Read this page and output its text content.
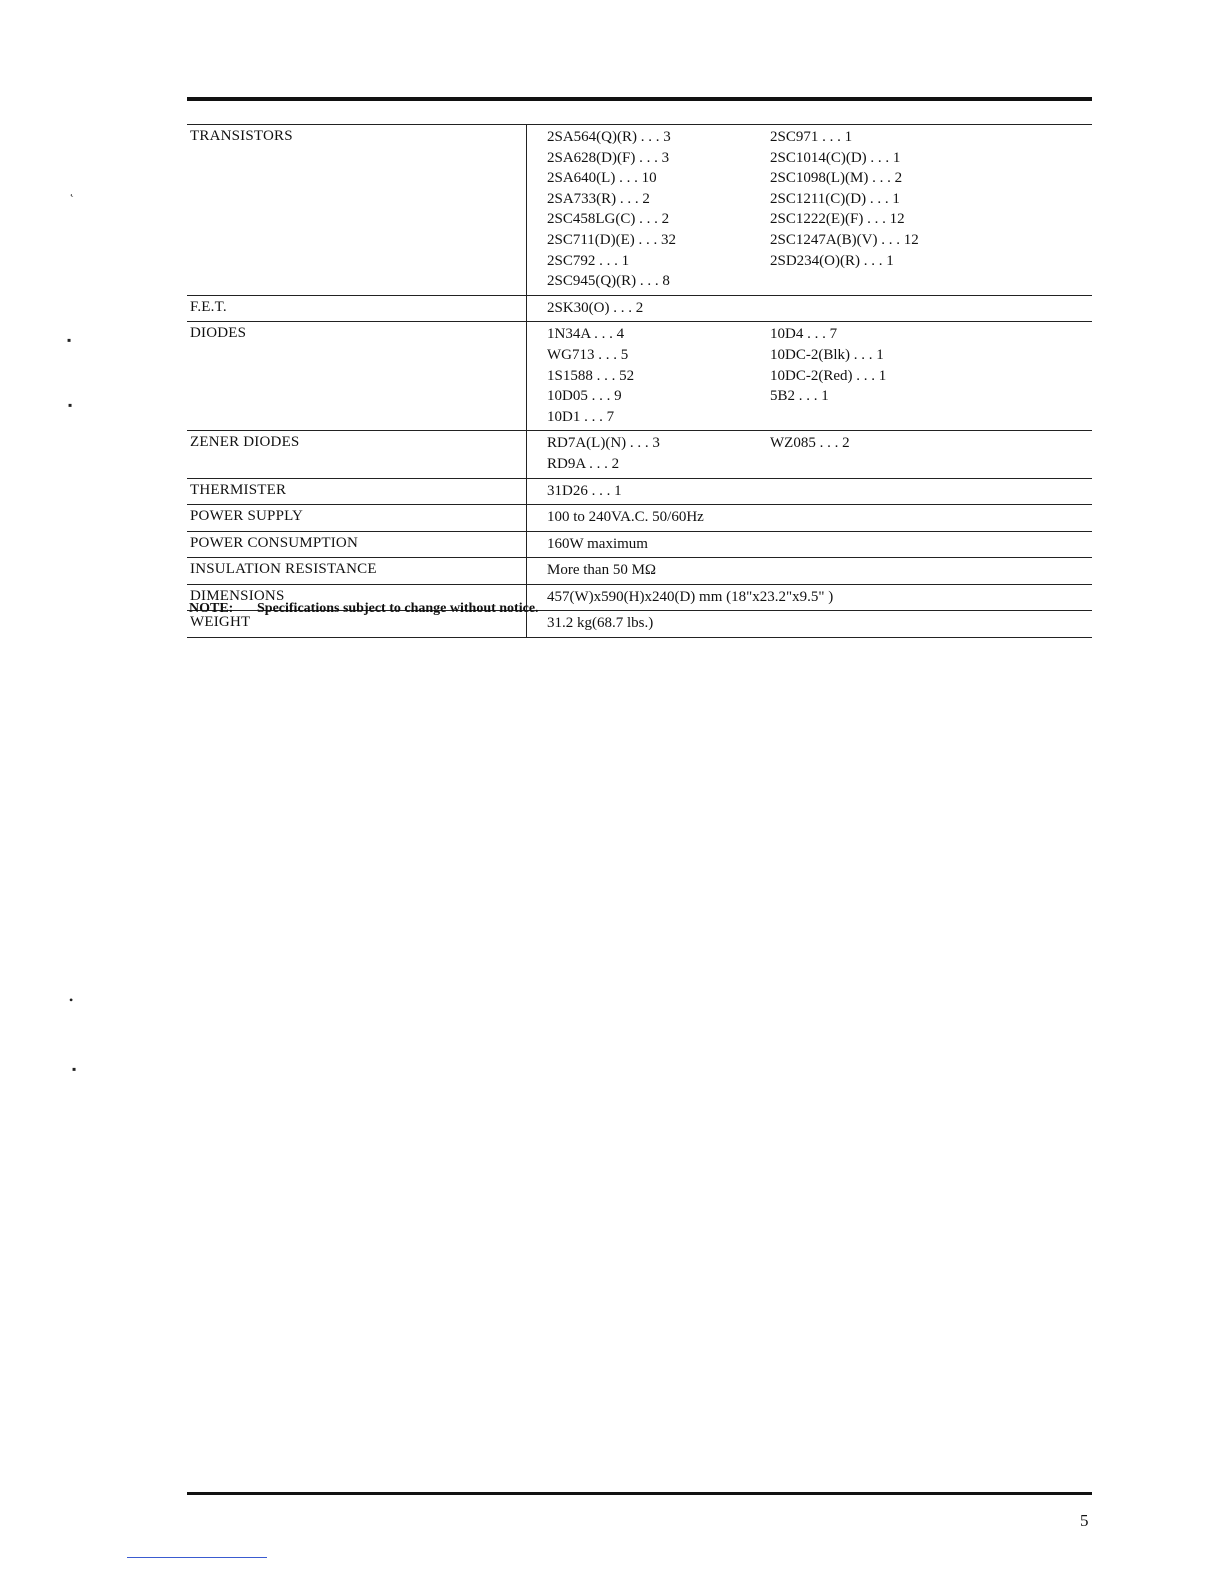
TRANSISTORS	2SA564(Q)(R) . . . 3	2SC971 . . . 1
2SA628(D)(F) . . . 3	2SC1014(C)(D) . . . 1
2SA640(L) . . . 10	2SC1098(L)(M) . . . 2
2SA733(R) . . . 2	2SC1211(C)(D) . . . 1
2SC458LG(C) . . . 2	2SC1222(E)(F) . . . 12
2SC711(D)(E) . . . 32	2SC1247A(B)(V) . . . 12
2SC792 . . . 1	2SD234(O)(R) . . . 1
2SC945(Q)(R) . . . 8
F.E.T.	2SK30(O) . . . 2
DIODES	1N34A . . . 4	10D4 . . . 7
WG713 . . . 5	10DC-2(Blk) . . . 1
1S1588 . . . 52	10DC-2(Red) . . . 1
10D05 . . . 9	5B2 . . . 1
10D1 . . . 7
ZENER DIODES	RD7A(L)(N) . . . 3	WZ085 . . . 2
RD9A . . . 2
THERMISTER	31D26 . . . 1
POWER SUPPLY	100 to 240VA.C. 50/60Hz
POWER CONSUMPTION	160W maximum
INSULATION RESISTANCE	More than 50 MΩ
DIMENSIONS	457(W)x590(H)x240(D) mm (18"x23.2"x9.5" )
WEIGHT	31.2 kg(68.7 lbs.)
NOTE: Specifications subject to change without notice.
5
˛
▪
▪
•
▪
